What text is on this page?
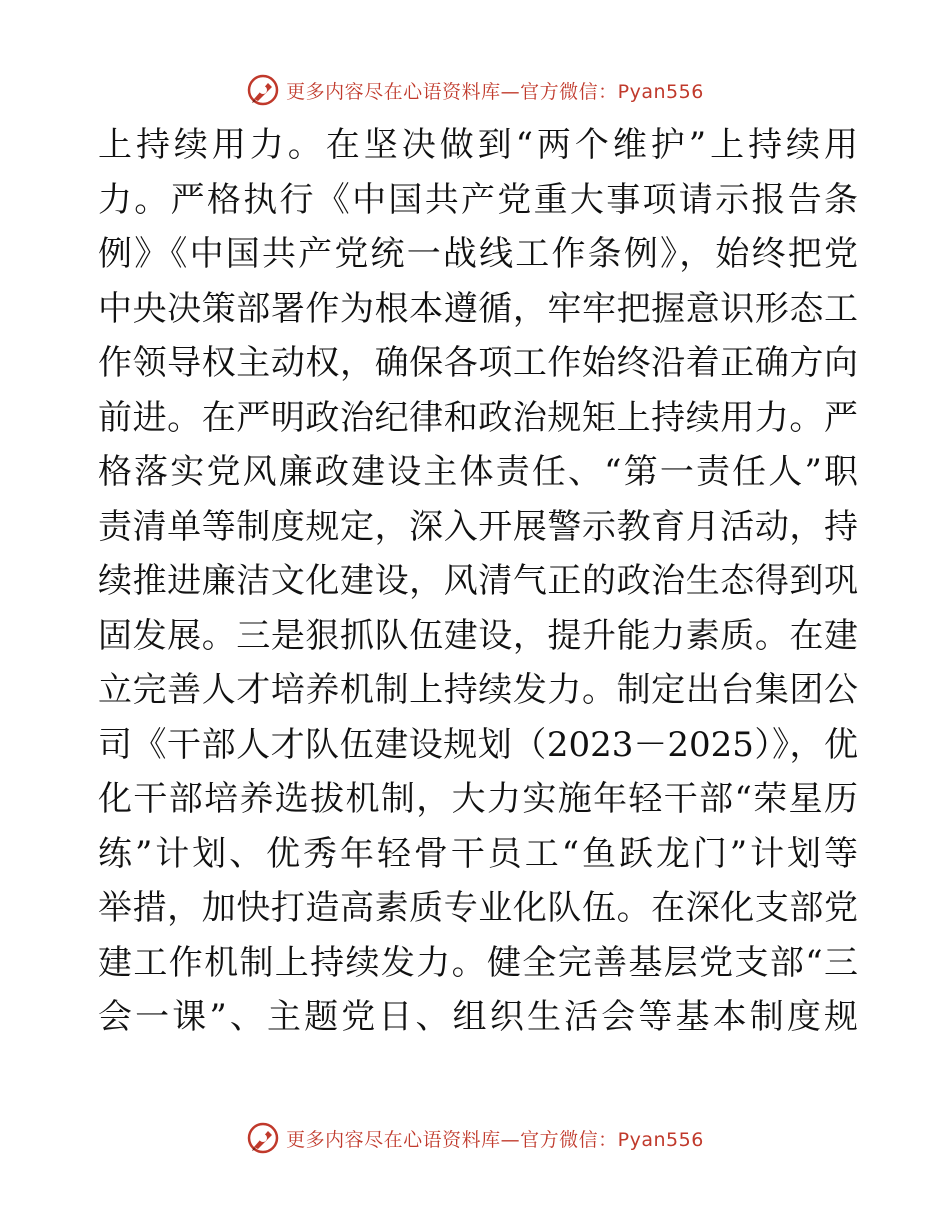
更多内容尽在心语资料库—官方微信：Pyan556
上持续用力。在坚决做到“两个维护”上持续用
力。严格执行《中国共产党重大事项请示报告条
例》《中国共产党统一战线工作条例》，始终把党
中央决策部署作为根本遵循，牢牢把握意识形态工
作领导权主动权，确保各项工作始终沿着正确方向
前进。在严明政治纪律和政治规矩上持续用力。严
格落实党风廉政建设主体责任、“第一责任人”职
责清单等制度规定，深入开展警示教育月活动，持
续推进廉洁文化建设，风清气正的政治生态得到巩
固发展。三是狠抓队伍建设，提升能力素质。在建
立完善人才培养机制上持续发力。制定出台集团公
司《干部人才队伍建设规划（2023－2025）》，优
化干部培养选拔机制，大力实施年轻干部“荣星历
练”计划、优秀年轻骨干员工“鱼跃龙门”计划等
举措，加快打造高素质专业化队伍。在深化支部党
建工作机制上持续发力。健全完善基层党支部“三
会一课”、主题党日、组织生活会等基本制度规
更多内容尽在心语资料库—官方微信：Pyan556
